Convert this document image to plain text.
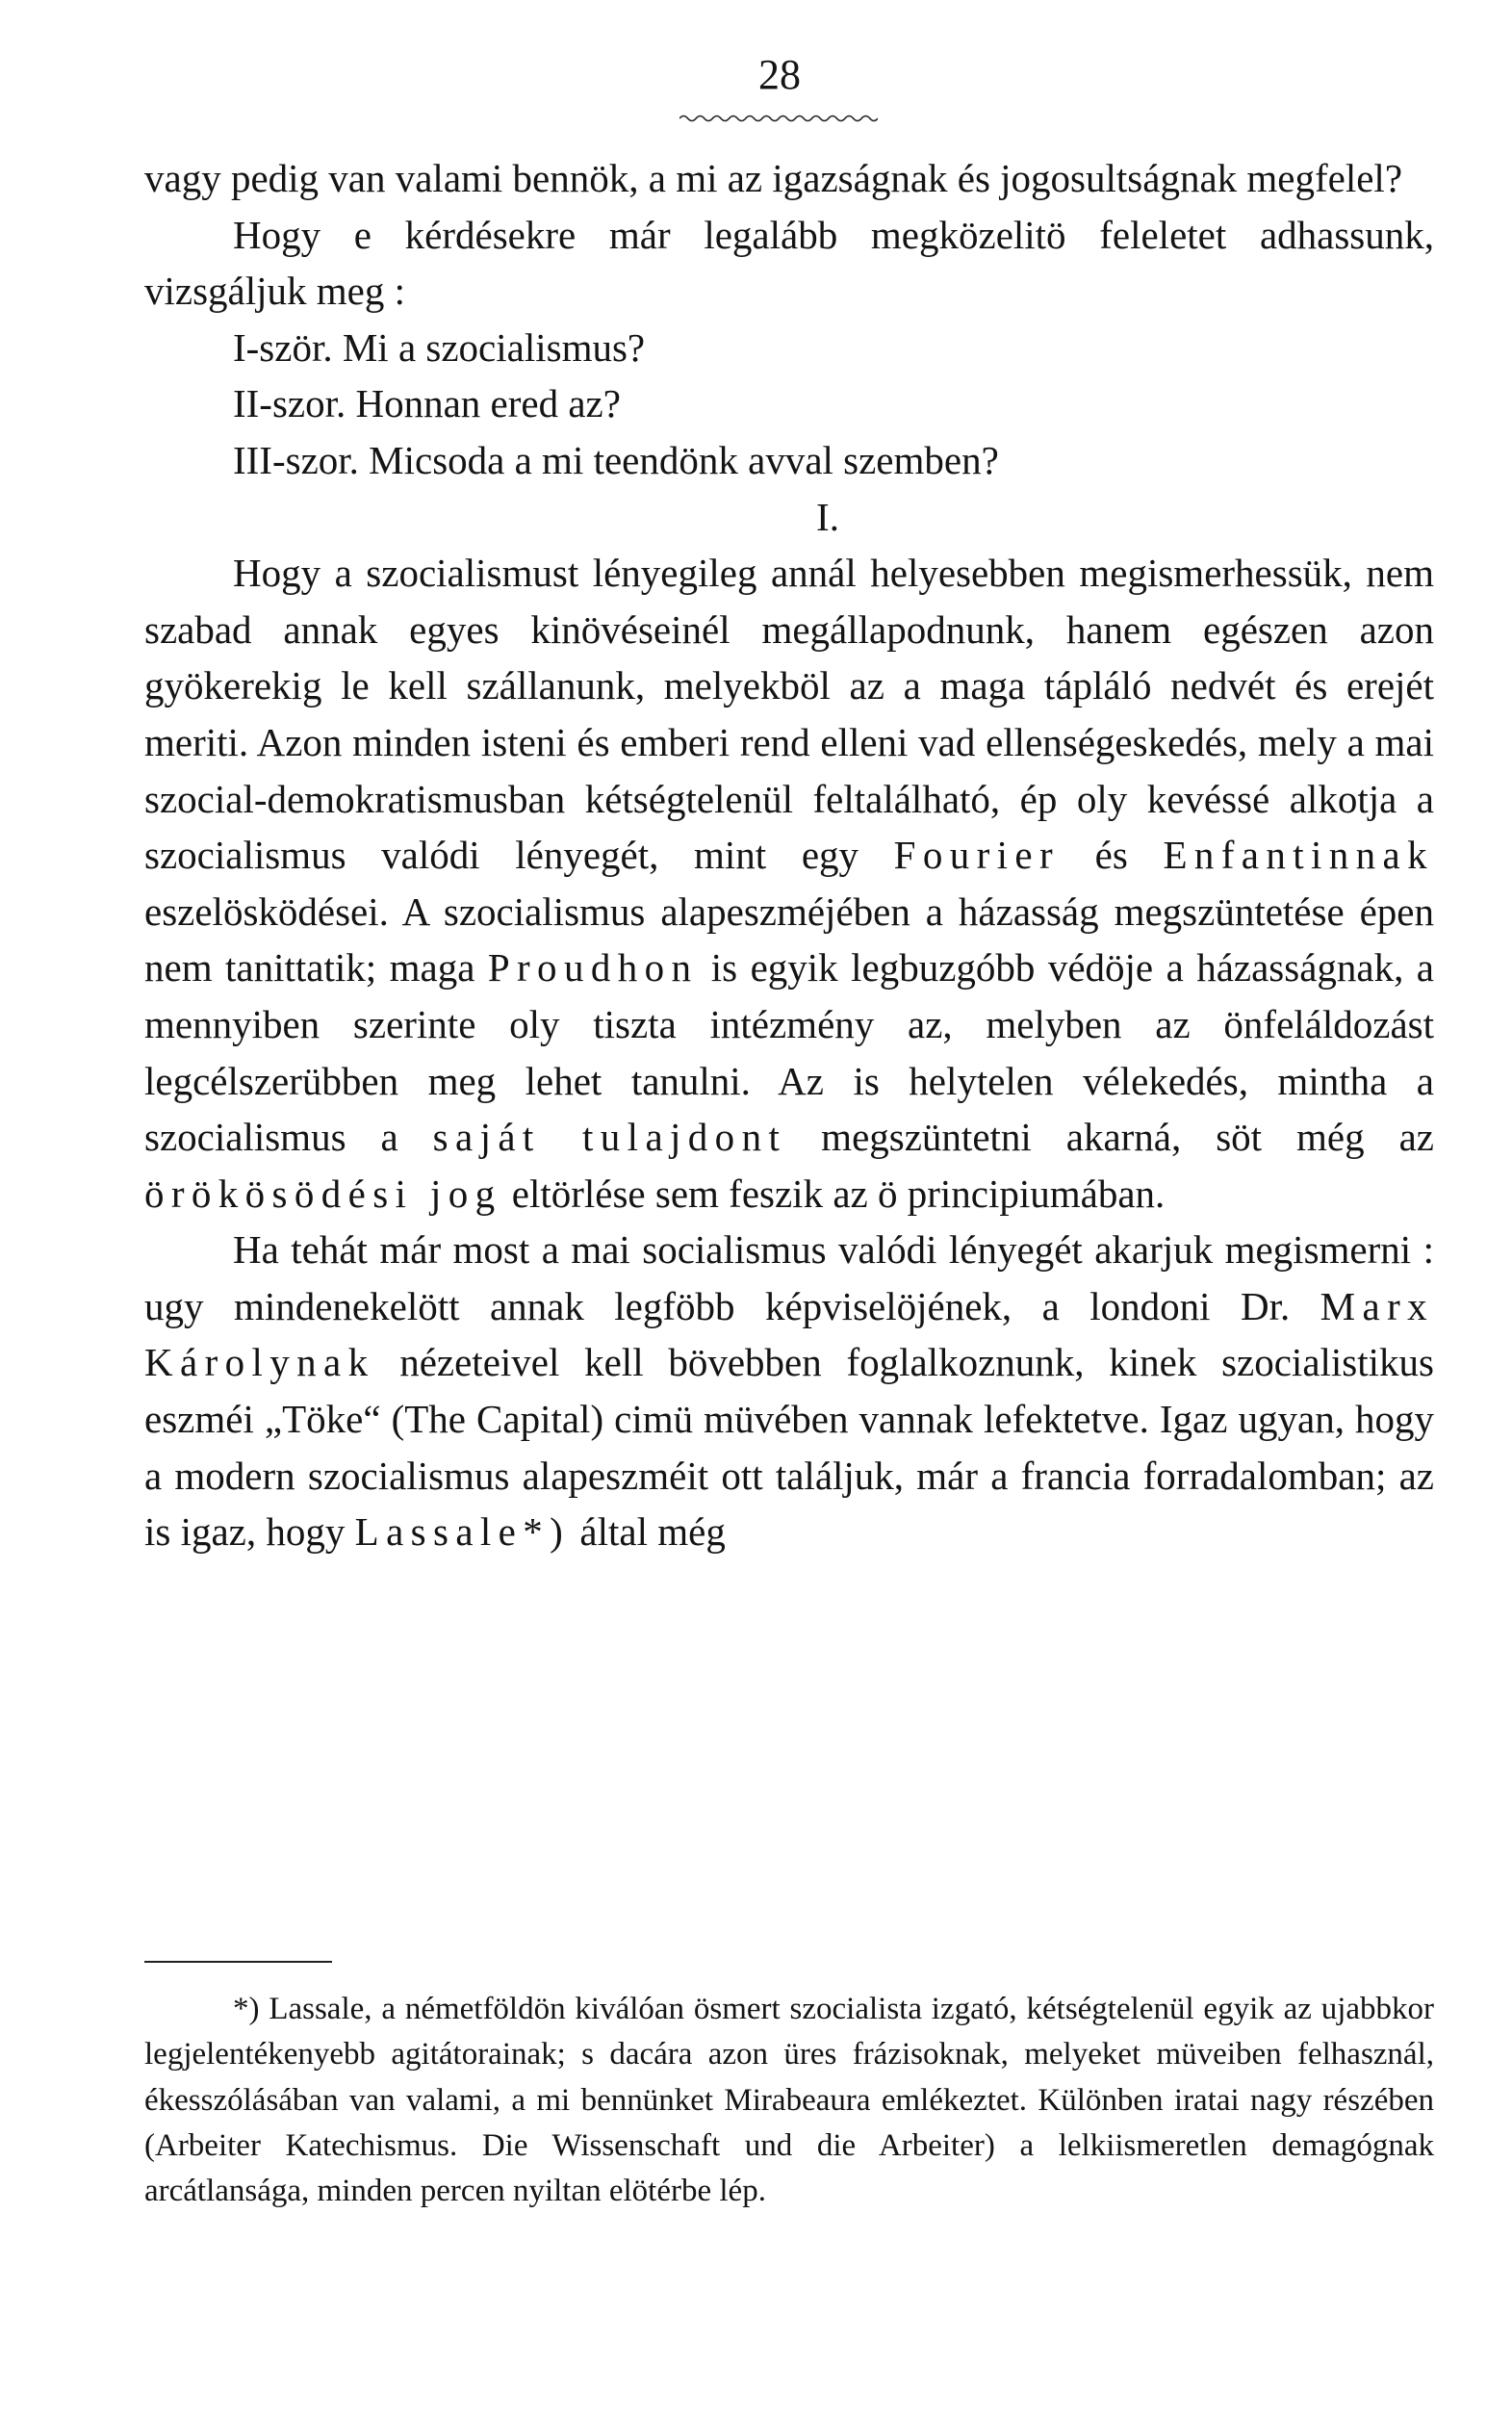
28

vagy pedig van valami bennök, a mi az igazságnak és jogosultságnak megfelel?

Hogy e kérdésekre már legalább megközelitö feleletet adhassunk, vizsgáljuk meg :

I-ször. Mi a szocialismus?

II-szor. Honnan ered az?

III-szor. Micsoda a mi teendönk avval szemben?

I.

Hogy a szocialismust lényegileg annál helyesebben megismerhessük, nem szabad annak egyes kinövéseinél megállapodnunk, hanem egészen azon gyökerekig le kell szállanunk, melyekböl az a maga tápláló nedvét és erejét meriti. Azon minden isteni és emberi rend elleni vad ellenségeskedés, mely a mai szocial-demokratismusban kétségtelenül feltalálható, ép oly kevéssé alkotja a szocialismus valódi lényegét, mint egy Fourier és Enfantinnak eszelösködései. A szocialismus alapeszméjében a házasság megszüntetése épen nem tanittatik; maga Proudhon is egyik legbuzgóbb védöje a házasságnak, a mennyiben szerinte oly tiszta intézmény az, melyben az önfeláldozást legcélszerübben meg lehet tanulni. Az is helytelen vélekedés, mintha a szocialismus a saját tulajdont megszüntetni akarná, söt még az örökösödési jog eltörlése sem feszik az ö principiumában.

Ha tehát már most a mai socialismus valódi lényegét akarjuk megismerni : ugy mindenekelött annak legföbb képviselöjének, a londoni Dr. Marx Károlynak nézeteivel kell bövebben foglalkoznunk, kinek szocialistikus eszméi „Töke“ (The Capital) cimü müvében vannak lefektetve. Igaz ugyan, hogy a modern szocialismus alapeszméit ott találjuk, már a francia forradalomban; az is igaz, hogy Lassale*) által még

*) Lassale, a németföldön kiválóan ösmert szocialista izgató, kétségtelenül egyik az ujabbkor legjelentékenyebb agitátorainak; s dacára azon üres frázisoknak, melyeket müveiben felhasznál, ékesszólásában van valami, a mi bennünket Mirabeaura emlékeztet. Különben iratai nagy részében (Arbeiter Katechismus. Die Wissenschaft und die Arbeiter) a lelkiismeretlen demagógnak arcátlansága, minden percen nyiltan elötérbe lép.
